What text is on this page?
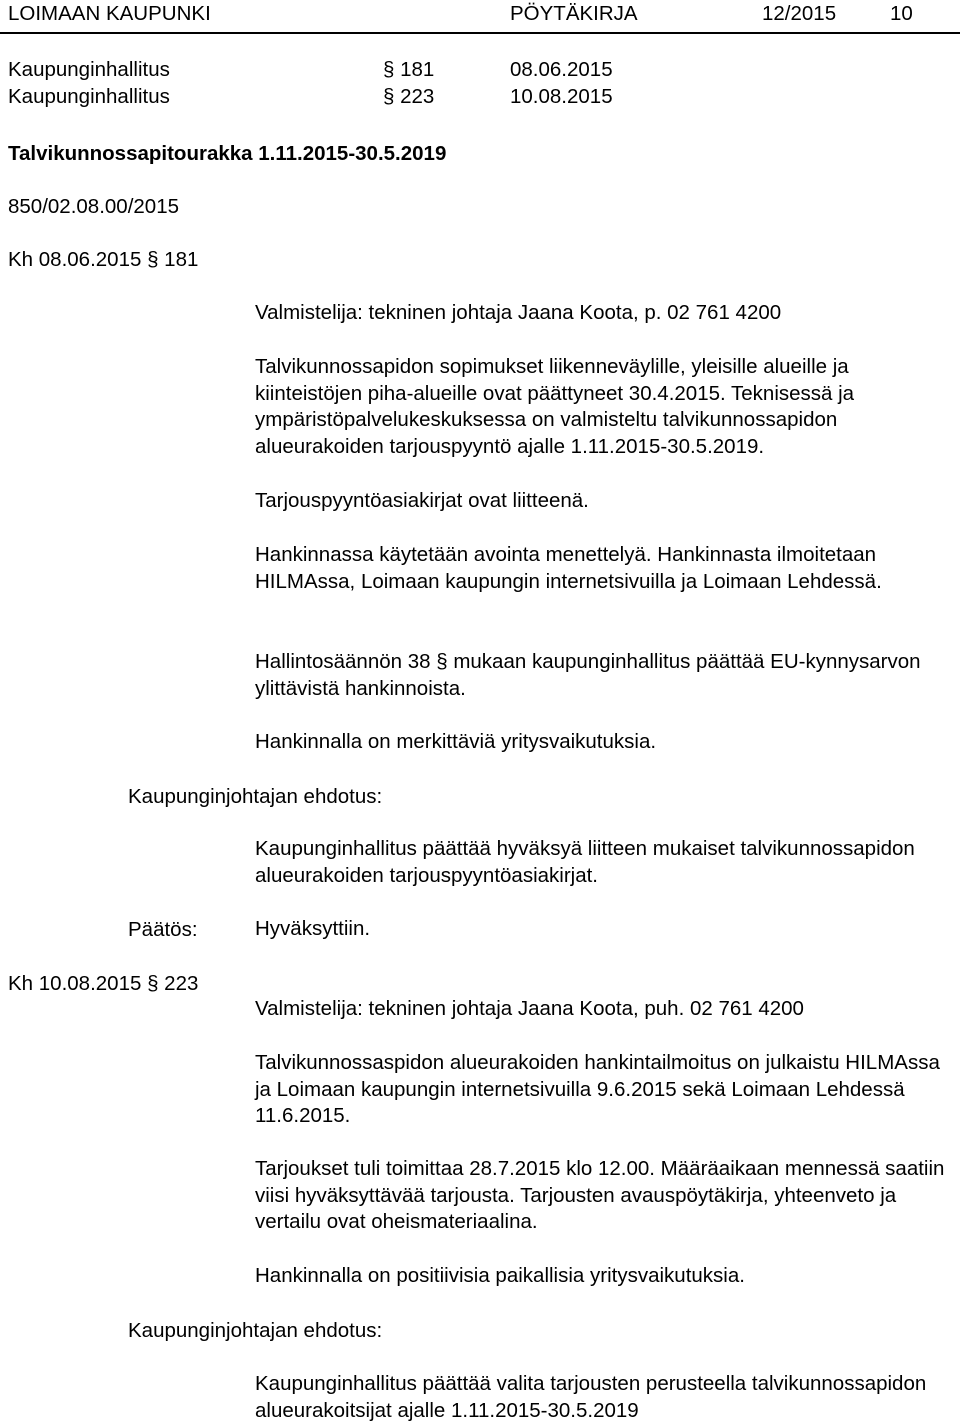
LOIMAAN KAUPUNKI	PÖYTÄKIRJA	12/2015	10
Kaupunginhallitus	§ 181	08.06.2015
Kaupunginhallitus	§ 223	10.08.2015
Talvikunnossapitourakka 1.11.2015-30.5.2019
850/02.08.00/2015
Kh 08.06.2015 § 181

Valmistelija: tekninen johtaja Jaana Koota, p. 02 761 4200

Talvikunnossapidon sopimukset liikenneväylille, yleisille alueille ja kiinteistöjen piha-alueille ovat päättyneet 30.4.2015. Teknisessä ja ympäristöpalvelukeskuksessa on valmisteltu talvikunnossapidon alueurakoiden tarjouspyyntö ajalle 1.11.2015-30.5.2019.

Tarjouspyyntöasiakirjat ovat liitteenä.

Hankinnassa käytetään avointa menettelyä. Hankinnasta ilmoitetaan HILMAssa, Loimaan kaupungin internetsivuilla ja Loimaan Lehdessä.

Hallintosäännön 38 § mukaan kaupunginhallitus päättää EU-kynnysarvon ylittävistä hankinnoista.

Hankinnalla on merkittäviä yritysvaikutuksia.

Kaupunginjohtajan ehdotus:

Kaupunginhallitus päättää hyväksyä liitteen mukaiset talvikunnossapidon alueurakoiden tarjouspyyntöasiakirjat.

Päätös:	Hyväksyttiin.

Kh 10.08.2015 § 223

Valmistelija: tekninen johtaja Jaana Koota, puh. 02 761 4200

Talvikunnossaspidon alueurakoiden hankintailmoitus on julkaistu HILMAssa ja Loimaan kaupungin internetsivuilla 9.6.2015 sekä Loimaan Lehdessä 11.6.2015.

Tarjoukset tuli toimittaa 28.7.2015 klo 12.00. Määräaikaan mennessä saatiin viisi hyväksyttävää tarjousta. Tarjousten avauspöytäkirja, yhteenveto ja vertailu ovat oheismateriaalina.

Hankinnalla on positiivisia paikallisia yritysvaikutuksia.

Kaupunginjohtajan ehdotus:

Kaupunginhallitus päättää valita tarjousten perusteella talvikunnossapidon alueurakoitsijat ajalle 1.11.2015-30.5.2019
